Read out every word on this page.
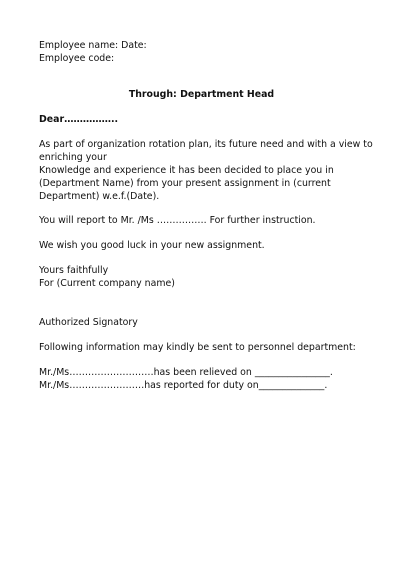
Employee name: Date:

Employee code:

Through: Department Head

Dear……………..

As part of organization rotation plan, its future need and with a view to

enriching your

Knowledge and experience it has been decided to place you in

(Department Name) from your present assignment in (current

Department) w.e.f.(Date).

You will report to Mr. /Ms ……………. For further instruction.

We wish you good luck in your new assignment.

Yours faithfully

For (Current company name)

Authorized Signatory

Following information may kindly be sent to personnel department:

Mr./Ms………………………has been relieved on ________________.

Mr./Ms……………………has reported for duty on______________.
